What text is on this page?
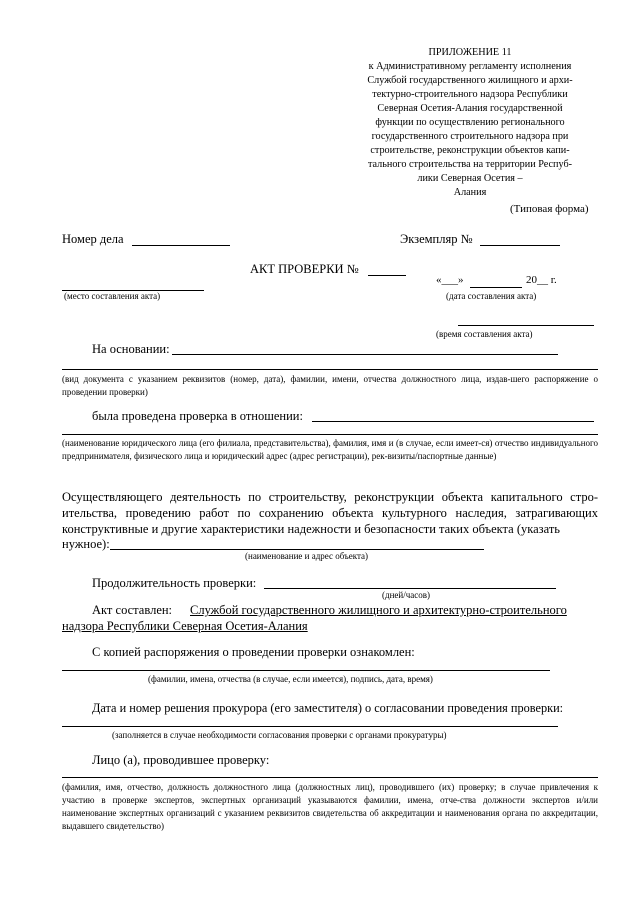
ПРИЛОЖЕНИЕ 11
к Административному регламенту исполнения
Службой государственного жилищного и архи-
тектурно-строительного надзора Республики
Северная Осетия-Алания государственной
функции по осуществлению регионального
государственного строительного надзора при
строительстве, реконструкции объектов капи-
тального строительства на территории Респуб-
лики Северная Осетия –
Алания
(Типовая форма)
Номер дела	Экземпляр №
АКТ ПРОВЕРКИ №
(место составления акта)
«___»	20__ г.
(дата составления акта)
(время составления акта)
На основании:
(вид документа с указанием реквизитов (номер, дата), фамилии, имени, отчества должностного лица, издав-шего распоряжение о проведении проверки)
была проведена проверка в отношении:
(наименование юридического лица (его филиала, представительства), фамилия, имя и (в случае, если имеет-ся) отчество индивидуального предпринимателя, физического лица и юридический адрес (адрес регистрации), рек-визиты/паспортные данные)
Осуществляющего деятельность по строительству, реконструкции объекта капитального стро-ительства, проведению работ по сохранению объекта культурного наследия, затрагивающих конструктивные и другие характеристики надежности и безопасности таких объекта (указать
нужное):
(наименование и адрес объекта)
Продолжительность проверки:
(дней/часов)
Акт составлен: Службой государственного жилищного и архитектурно-строительного
надзора Республики Северная Осетия-Алания
С копией распоряжения о проведении проверки ознакомлен:
(фамилии, имена, отчества (в случае, если имеется), подпись, дата, время)
Дата и номер решения прокурора (его заместителя) о согласовании проведения проверки:
(заполняется в случае необходимости согласования проверки с органами прокуратуры)
Лицо (а), проводившее проверку:
(фамилия, имя, отчество, должность должностного лица (должностных лиц), проводившего (их) проверку; в случае привлечения к участию в проверке экспертов, экспертных организаций указываются фамилии, имена, отче-ства должности экспертов и/или наименование экспертных организаций с указанием реквизитов свидетельства об аккредитации и наименования органа по аккредитации, выдавшего свидетельство)
